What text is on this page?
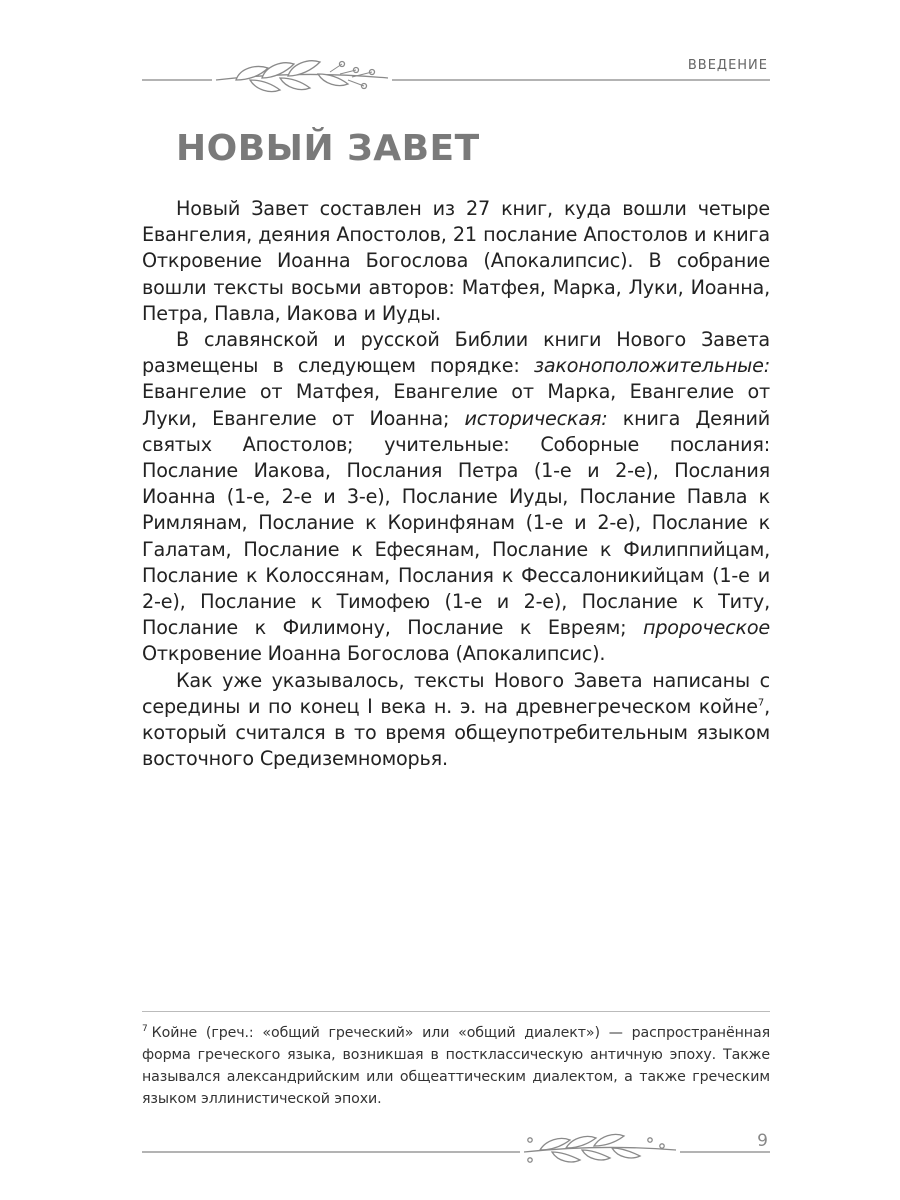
ВВЕДЕНИЕ
НОВЫЙ ЗАВЕТ

Новый Завет составлен из 27 книг, куда вошли четыре Евангелия, деяния Апостолов, 21 послание Апостолов и книга Откровение Иоанна Богослова (Апокалипсис). В собрание вошли тексты восьми авторов: Матфея, Марка, Луки, Иоанна, Петра, Павла, Иакова и Иуды.

В славянской и русской Библии книги Нового Завета размещены в следующем порядке: законоположительные: Евангелие от Матфея, Евангелие от Марка, Евангелие от Луки, Евангелие от Иоанна; историческая: книга Деяний святых Апостолов; учительные: Соборные послания: Послание Иакова, Послания Петра (1-е и 2-е), Послания Иоанна (1-е, 2-е и 3-е), Послание Иуды, Послание Павла к Римлянам, Послание к Коринфянам (1-е и 2-е), Послание к Галатам, Послание к Ефесянам, Послание к Филиппийцам, Послание к Колоссянам, Послания к Фессалоникийцам (1-е и 2-е), Послание к Тимофею (1-е и 2-е), Послание к Титу, Послание к Филимону, Послание к Евреям; пророческое Откровение Иоанна Богослова (Апокалипсис).

Как уже указывалось, тексты Нового Завета написаны с середины и по конец I века н. э. на древнегреческом койне$^7$, который считался в то время общеупотребительным языком восточного Средиземноморья.

$^7$ Койне (греч.: «общий греческий» или «общий диалект») — распространённая форма греческого языка, возникшая в постклассическую античную эпоху. Также назывался александрийским или общеаттическим диалектом, а также греческим языком эллинистической эпохи.
9
